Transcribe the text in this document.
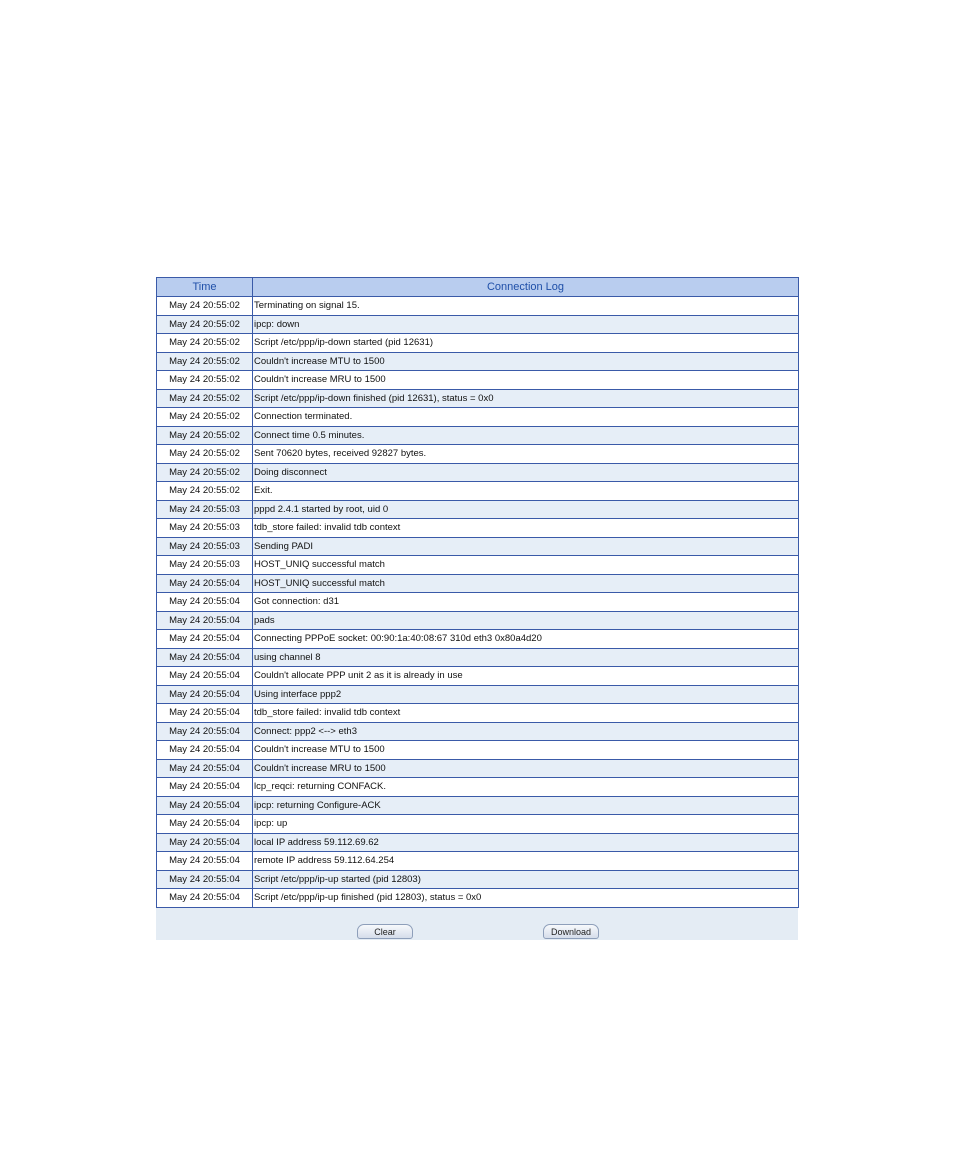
Time	Connection Log
May 24 20:55:02	Terminating on signal 15.
May 24 20:55:02	ipcp: down
May 24 20:55:02	Script /etc/ppp/ip-down started (pid 12631)
May 24 20:55:02	Couldn't increase MTU to 1500
May 24 20:55:02	Couldn't increase MRU to 1500
May 24 20:55:02	Script /etc/ppp/ip-down finished (pid 12631), status = 0x0
May 24 20:55:02	Connection terminated.
May 24 20:55:02	Connect time 0.5 minutes.
May 24 20:55:02	Sent 70620 bytes, received 92827 bytes.
May 24 20:55:02	Doing disconnect
May 24 20:55:02	Exit.
May 24 20:55:03	pppd 2.4.1 started by root, uid 0
May 24 20:55:03	tdb_store failed: invalid tdb context
May 24 20:55:03	Sending PADI
May 24 20:55:03	HOST_UNIQ successful match
May 24 20:55:04	HOST_UNIQ successful match
May 24 20:55:04	Got connection: d31
May 24 20:55:04	pads
May 24 20:55:04	Connecting PPPoE socket: 00:90:1a:40:08:67 310d eth3 0x80a4d20
May 24 20:55:04	using channel 8
May 24 20:55:04	Couldn't allocate PPP unit 2 as it is already in use
May 24 20:55:04	Using interface ppp2
May 24 20:55:04	tdb_store failed: invalid tdb context
May 24 20:55:04	Connect: ppp2 <--> eth3
May 24 20:55:04	Couldn't increase MTU to 1500
May 24 20:55:04	Couldn't increase MRU to 1500
May 24 20:55:04	lcp_reqci: returning CONFACK.
May 24 20:55:04	ipcp: returning Configure-ACK
May 24 20:55:04	ipcp: up
May 24 20:55:04	local IP address 59.112.69.62
May 24 20:55:04	remote IP address 59.112.64.254
May 24 20:55:04	Script /etc/ppp/ip-up started (pid 12803)
May 24 20:55:04	Script /etc/ppp/ip-up finished (pid 12803), status = 0x0
Clear	Download
